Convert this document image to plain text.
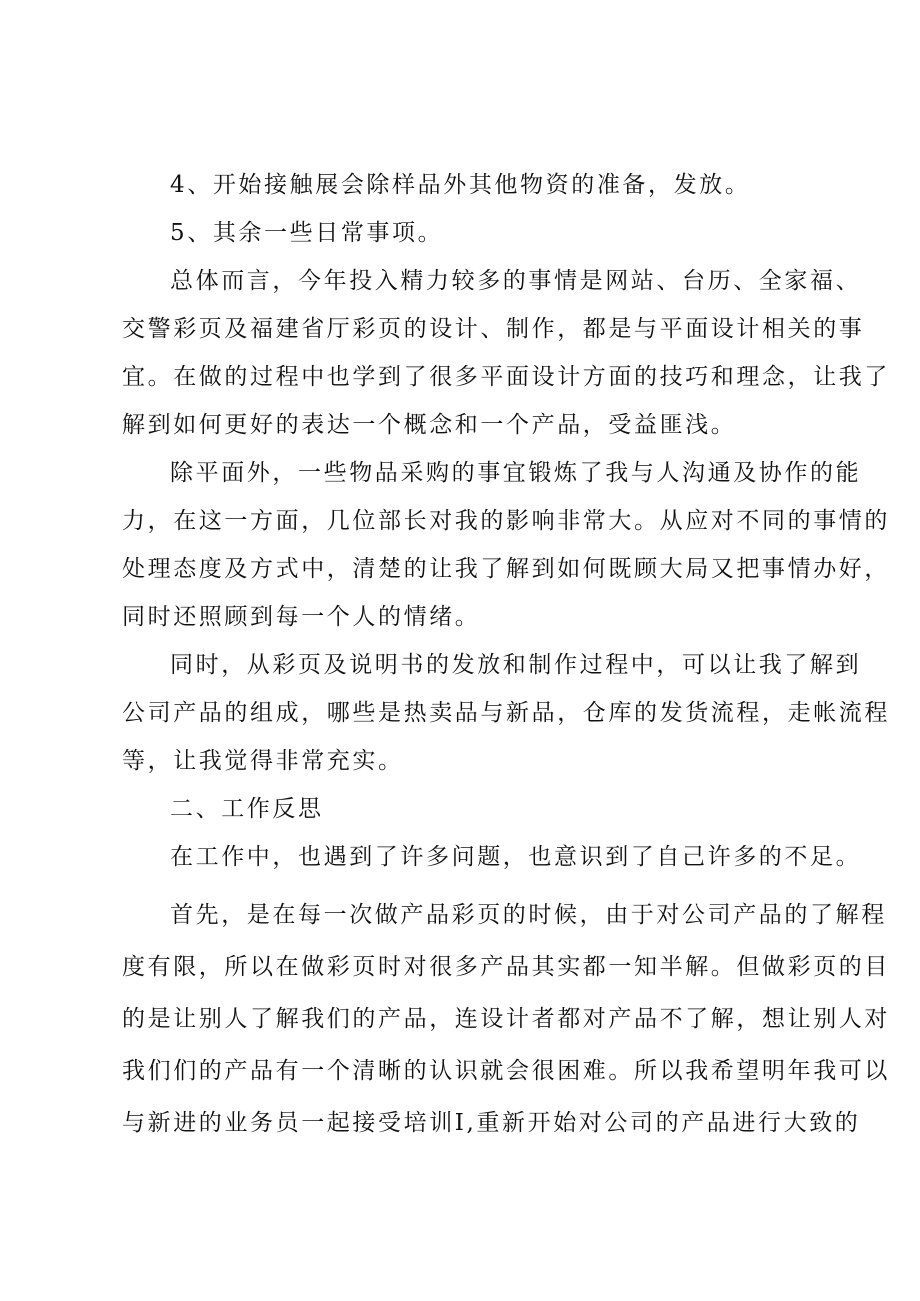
4、开始接触展会除样品外其他物资的准备，发放。
5、其余一些日常事项。
总体而言，今年投入精力较多的事情是网站、台历、全家福、
交警彩页及福建省厅彩页的设计、制作，都是与平面设计相关的事
宜。在做的过程中也学到了很多平面设计方面的技巧和理念，让我了
解到如何更好的表达一个概念和一个产品，受益匪浅。
除平面外，一些物品采购的事宜锻炼了我与人沟通及协作的能
力，在这一方面，几位部长对我的影响非常大。从应对不同的事情的
处理态度及方式中，清楚的让我了解到如何既顾大局又把事情办好，
同时还照顾到每一个人的情绪。
同时，从彩页及说明书的发放和制作过程中，可以让我了解到
公司产品的组成，哪些是热卖品与新品，仓库的发货流程，走帐流程
等，让我觉得非常充实。
二、工作反思
在工作中，也遇到了许多问题，也意识到了自己许多的不足。
首先，是在每一次做产品彩页的时候，由于对公司产品的了解程
度有限，所以在做彩页时对很多产品其实都一知半解。但做彩页的目
的是让别人了解我们的产品，连设计者都对产品不了解，想让别人对
我们们的产品有一个清晰的认识就会很困难。所以我希望明年我可以
与新进的业务员一起接受培训Ⅰ,重新开始对公司的产品进行大致的
